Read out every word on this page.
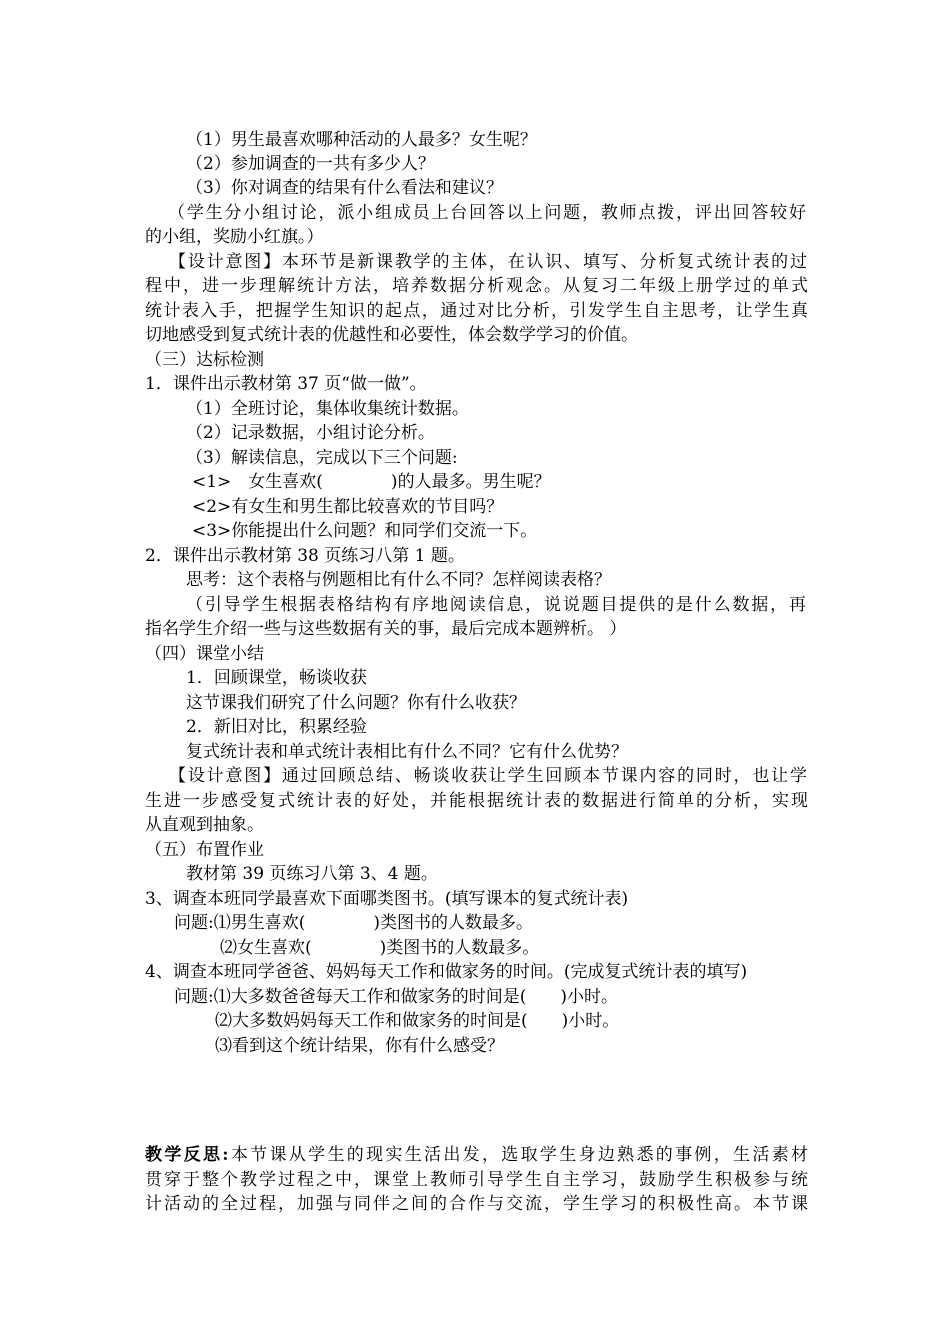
（1）男生最喜欢哪种活动的人最多？女生呢？
（2）参加调查的一共有多少人？
（3）你对调查的结果有什么看法和建议？
（学生分小组讨论，派小组成员上台回答以上问题，教师点拨，评出回答较好
的小组，奖励小红旗。）
【设计意图】本环节是新课教学的主体，在认识、填写、分析复式统计表的过
程中，进一步理解统计方法，培养数据分析观念。从复习二年级上册学过的单式
统计表入手，把握学生知识的起点，通过对比分析，引发学生自主思考，让学生真
切地感受到复式统计表的优越性和必要性，体会数学学习的价值。
（三）达标检测
1．课件出示教材第 37 页“做一做”。
（1）全班讨论，集体收集统计数据。
（2）记录数据，小组讨论分析。
（3）解读信息，完成以下三个问题:
<1>　女生喜欢(　　　　)的人最多。男生呢？
<2>有女生和男生都比较喜欢的节目吗？
<3>你能提出什么问题？和同学们交流一下。
2．课件出示教材第 38 页练习八第 1 题。
思考：这个表格与例题相比有什么不同？怎样阅读表格？
（引导学生根据表格结构有序地阅读信息，说说题目提供的是什么数据，再
指名学生介绍一些与这些数据有关的事，最后完成本题辨析。 ）
（四）课堂小结
1．回顾课堂，畅谈收获
这节课我们研究了什么问题？你有什么收获？
2．新旧对比，积累经验
复式统计表和单式统计表相比有什么不同？它有什么优势？
【设计意图】通过回顾总结、畅谈收获让学生回顾本节课内容的同时，也让学
生进一步感受复式统计表的好处，并能根据统计表的数据进行简单的分析，实现
从直观到抽象。
（五）布置作业
教材第 39 页练习八第 3、4 题。
3、调查本班同学最喜欢下面哪类图书。(填写课本的复式统计表)
问题:⑴男生喜欢(　　　　)类图书的人数最多。
⑵女生喜欢(　　　　)类图书的人数最多。
4、调查本班同学爸爸、妈妈每天工作和做家务的时间。(完成复式统计表的填写)
问题:⑴大多数爸爸每天工作和做家务的时间是(　　)小时。
⑵大多数妈妈每天工作和做家务的时间是(　　)小时。
⑶看到这个统计结果，你有什么感受？
教学反思:本节课从学生的现实生活出发，选取学生身边熟悉的事例，生活素材
贯穿于整个教学过程之中，课堂上教师引导学生自主学习，鼓励学生积极参与统
计活动的全过程，加强与同伴之间的合作与交流，学生学习的积极性高。本节课
